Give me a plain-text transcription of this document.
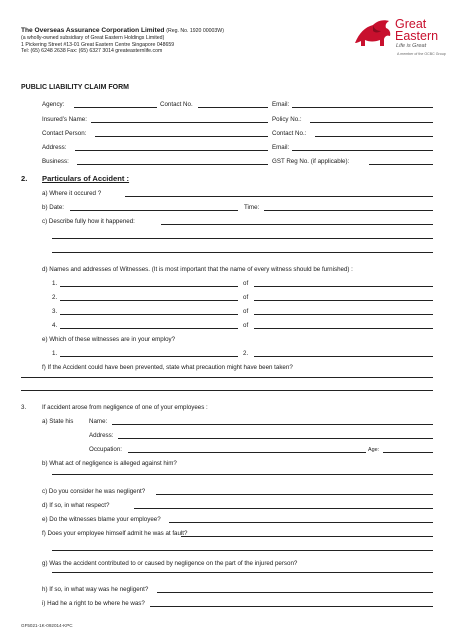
The Overseas Assurance Corporation Limited (Reg. No. 1920 00003W)
(a wholly-owned subsidiary of Great Eastern Holdings Limited)
1 Pickering Street #13-01 Great Eastern Centre Singapore 048659
Tel: (65) 6248 2638 Fax: (65) 6327 3014 greateasternlife.com
Great
Eastern
Life is Great
A member of the OCBC Group
PUBLIC LIABILITY CLAIM FORM
Agency:	Contact No.	Email:
Insured’s Name:	Policy No.:
Contact Person:	Contact No.:
Address:	Email:
Business:	GST Reg No. (if applicable):
2. Particulars of Accident :
a) Where it occured ?
b) Date:	Time:
c) Describe fully how it happened:
d) Names and addresses of Witnesses. (It is most important that the name of every witness should be furnished) :
1.	of
2.	of
3.	of
4.	of
e) Which of these witnesses are in your employ?
1.	2.
f) If the Accident could have been prevented, state what precaution might have been taken?
3.	If accident arose from negligence of one of your employees :
a) State his	Name:
Address:
Occupation:	Age:
b) What act of negligence is alleged against him?
c) Do you consider he was negligent?
d) If so, in what respect?
e) Do the witnesses blame your employee?
f) Does your employee himself admit he was at fault?
g) Was the accident contributed to or caused by negligence on the part of the injured person?
h) If so, in what way was he negligent?
i) Had he a right to be where he was?
GF5021-1K-092014-KPC
